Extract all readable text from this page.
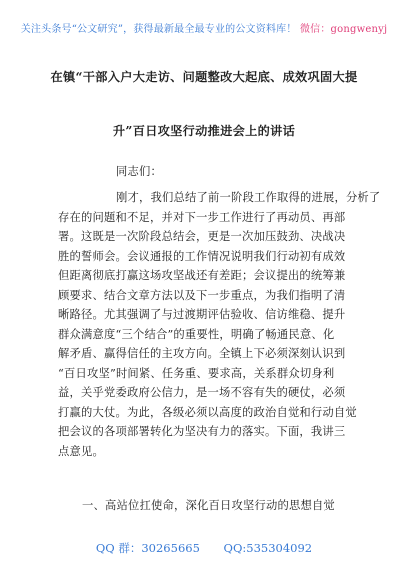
关注头条号“公文研究”，获得最新最全最专业的公文资料库！ 微信：gongwenyj
在镇“干部入户大走访、问题整改大起底、成效巩固大提
升”百日攻坚行动推进会上的讲话
同志们：
刚才，我们总结了前一阶段工作取得的进展，分析了
存在的问题和不足，并对下一步工作进行了再动员、再部
署。这既是一次阶段总结会，更是一次加压鼓劲、决战决
胜的誓师会。会议通报的工作情况说明我们行动初有成效
但距离彻底打赢这场攻坚战还有差距；会议提出的统筹兼
顾要求、结合文章方法以及下一步重点，为我们指明了清
晰路径。尤其强调了与过渡期评估验收、信访维稳、提升
群众满意度“三个结合”的重要性，明确了畅通民意、化
解矛盾、赢得信任的主攻方向。全镇上下必须深刻认识到
“百日攻坚”时间紧、任务重、要求高，关系群众切身利
益，关乎党委政府公信力，是一场不容有失的硬仗，必须
打赢的大仗。为此，各级必须以高度的政治自觉和行动自觉
把会议的各项部署转化为坚决有力的落实。下面，我讲三
点意见。
一、高站位扛使命，深化百日攻坚行动的思想自觉
QQ 群：30265665 QQ:535304092
